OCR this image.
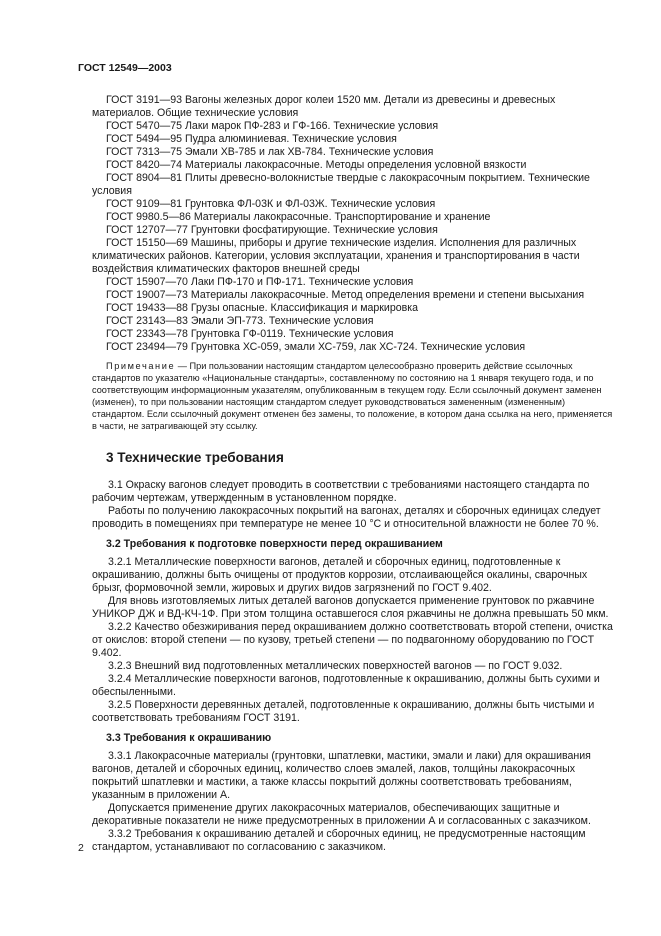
ГОСТ 12549—2003

ГОСТ 3191—93 Вагоны железных дорог колеи 1520 мм. Детали из древесины и древесных материалов. Общие технические условия

ГОСТ 5470—75 Лаки марок ПФ-283 и ГФ-166. Технические условия

ГОСТ 5494—95 Пудра алюминиевая. Технические условия

ГОСТ 7313—75 Эмали ХВ-785 и лак ХВ-784. Технические условия

ГОСТ 8420—74 Материалы лакокрасочные. Методы определения условной вязкости

ГОСТ 8904—81 Плиты древесно-волокнистые твердые с лакокрасочным покрытием. Технические условия

ГОСТ 9109—81 Грунтовка ФЛ-03К и ФЛ-03Ж. Технические условия

ГОСТ 9980.5—86 Материалы лакокрасочные. Транспортирование и хранение

ГОСТ 12707—77 Грунтовки фосфатирующие. Технические условия

ГОСТ 15150—69 Машины, приборы и другие технические изделия. Исполнения для различных климатических районов. Категории, условия эксплуатации, хранения и транспортирования в части воздействия климатических факторов внешней среды

ГОСТ 15907—70 Лаки ПФ-170 и ПФ-171. Технические условия

ГОСТ 19007—73 Материалы лакокрасочные. Метод определения времени и степени высыхания

ГОСТ 19433—88 Грузы опасные. Классификация и маркировка

ГОСТ 23143—83 Эмали ЭП-773. Технические условия

ГОСТ 23343—78 Грунтовка ГФ-0119. Технические условия

ГОСТ 23494—79 Грунтовка ХС-059, эмали ХС-759, лак ХС-724. Технические условия

Примечание — При пользовании настоящим стандартом целесообразно проверить действие ссылочных стандартов по указателю «Национальные стандарты», составленному по состоянию на 1 января текущего года, и по соответствующим информационным указателям, опубликованным в текущем году. Если ссылочный документ заменен (изменен), то при пользовании настоящим стандартом следует руководствоваться замененным (измененным) стандартом. Если ссылочный документ отменен без замены, то положение, в котором дана ссылка на него, применяется в части, не затрагивающей эту ссылку.

3 Технические требования

3.1 Окраску вагонов следует проводить в соответствии с требованиями настоящего стандарта по рабочим чертежам, утвержденным в установленном порядке.

Работы по получению лакокрасочных покрытий на вагонах, деталях и сборочных единицах следует проводить в помещениях при температуре не менее 10 °С и относительной влажности не более 70 %.

3.2 Требования к подготовке поверхности перед окрашиванием

3.2.1 Металлические поверхности вагонов, деталей и сборочных единиц, подготовленные к окрашиванию, должны быть очищены от продуктов коррозии, отслаивающейся окалины, сварочных брызг, формовочной земли, жировых и других видов загрязнений по ГОСТ 9.402.

Для вновь изготовляемых литых деталей вагонов допускается применение грунтовок по ржавчине УНИКОР ДЖ и ВД-КЧ-1Ф. При этом толщина оставшегося слоя ржавчины не должна превышать 50 мкм.

3.2.2 Качество обезжиривания перед окрашиванием должно соответствовать второй степени, очистка от окислов: второй степени — по кузову, третьей степени — по подвагонному оборудованию по ГОСТ 9.402.

3.2.3 Внешний вид подготовленных металлических поверхностей вагонов — по ГОСТ 9.032.

3.2.4 Металлические поверхности вагонов, подготовленные к окрашиванию, должны быть сухими и обеспыленными.

3.2.5 Поверхности деревянных деталей, подготовленные к окрашиванию, должны быть чистыми и соответствовать требованиям ГОСТ 3191.

3.3 Требования к окрашиванию

3.3.1 Лакокрасочные материалы (грунтовки, шпатлевки, мастики, эмали и лаки) для окрашивания вагонов, деталей и сборочных единиц, количество слоев эмалей, лаков, толщи́ны лакокрасочных покрытий шпатлевки и мастики, а также классы покрытий должны соответствовать требованиям, указанным в приложении А.

Допускается применение других лакокрасочных материалов, обеспечивающих защитные и декоративные показатели не ниже предусмотренных в приложении А и согласованных с заказчиком.

3.3.2 Требования к окрашиванию деталей и сборочных единиц, не предусмотренные настоящим стандартом, устанавливают по согласованию с заказчиком.

2
